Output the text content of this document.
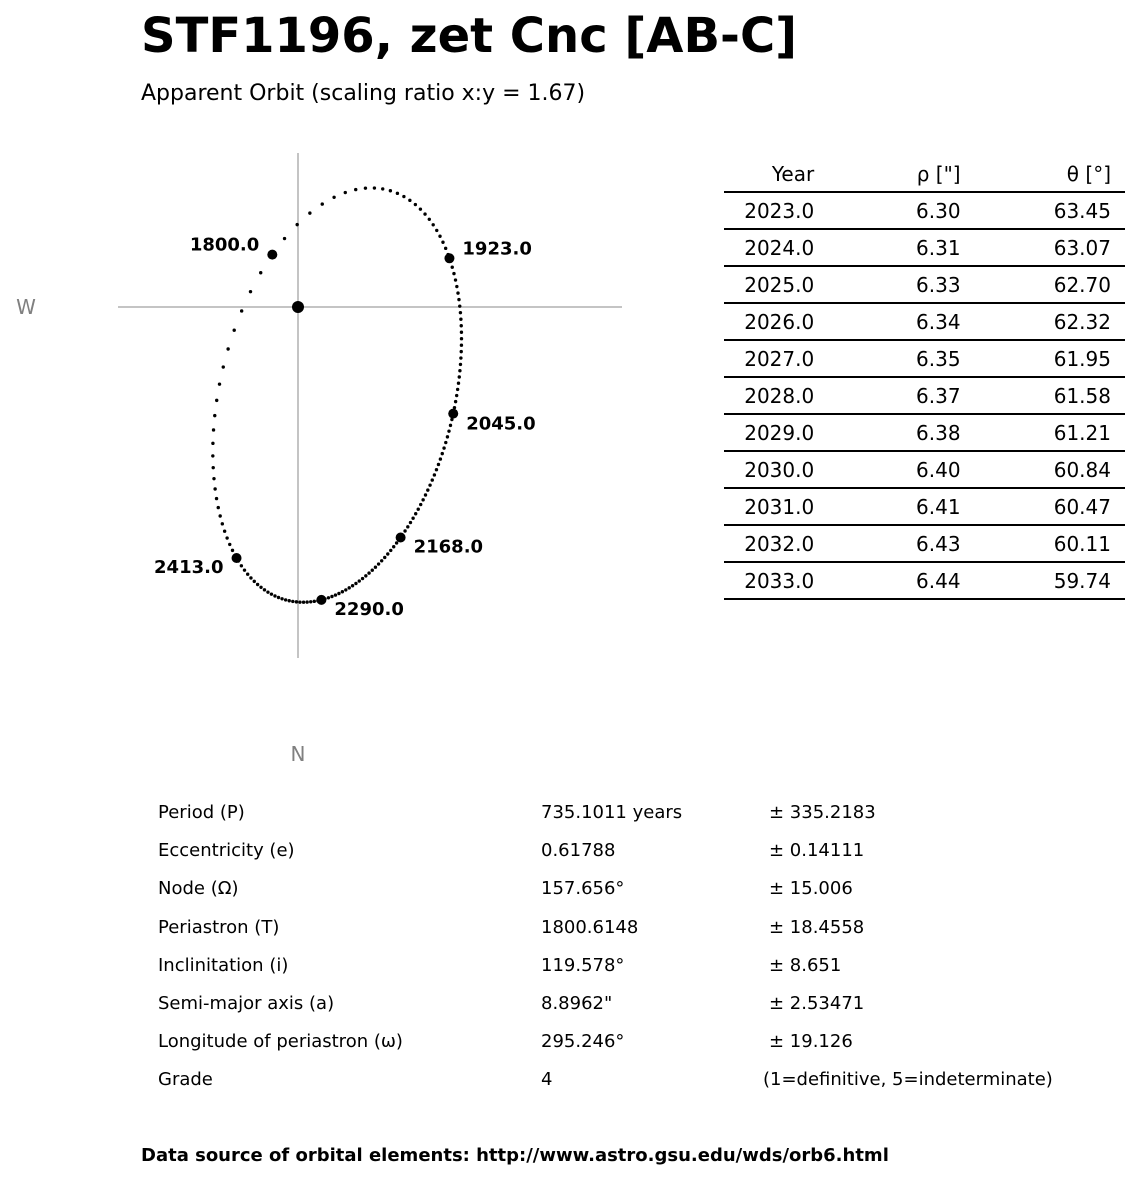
STF1196, zet Cnc [AB-C]
Apparent Orbit (scaling ratio x:y = 1.67)
1800.0	1923.0
2045.0
2168.0
2290.0
2413.0
W
N
Year	ρ ["]	θ [°]
2023.0	6.30	63.45
2024.0	6.31	63.07
2025.0	6.33	62.70
2026.0	6.34	62.32
2027.0	6.35	61.95
2028.0	6.37	61.58
2029.0	6.38	61.21
2030.0	6.40	60.84
2031.0	6.41	60.47
2032.0	6.43	60.11
2033.0	6.44	59.74
Period (P)	735.1011 years	± 335.2183
Eccentricity (e)	0.61788	± 0.14111
Node (Ω)	157.656°	± 15.006
Periastron (T)	1800.6148	± 18.4558
Inclinitation (i)	119.578°	± 8.651
Semi-major axis (a)	8.8962"	± 2.53471
Longitude of periastron (ω)	295.246°	± 19.126
Grade	4	(1=definitive, 5=indeterminate)
Data source of orbital elements: http://www.astro.gsu.edu/wds/orb6.html
